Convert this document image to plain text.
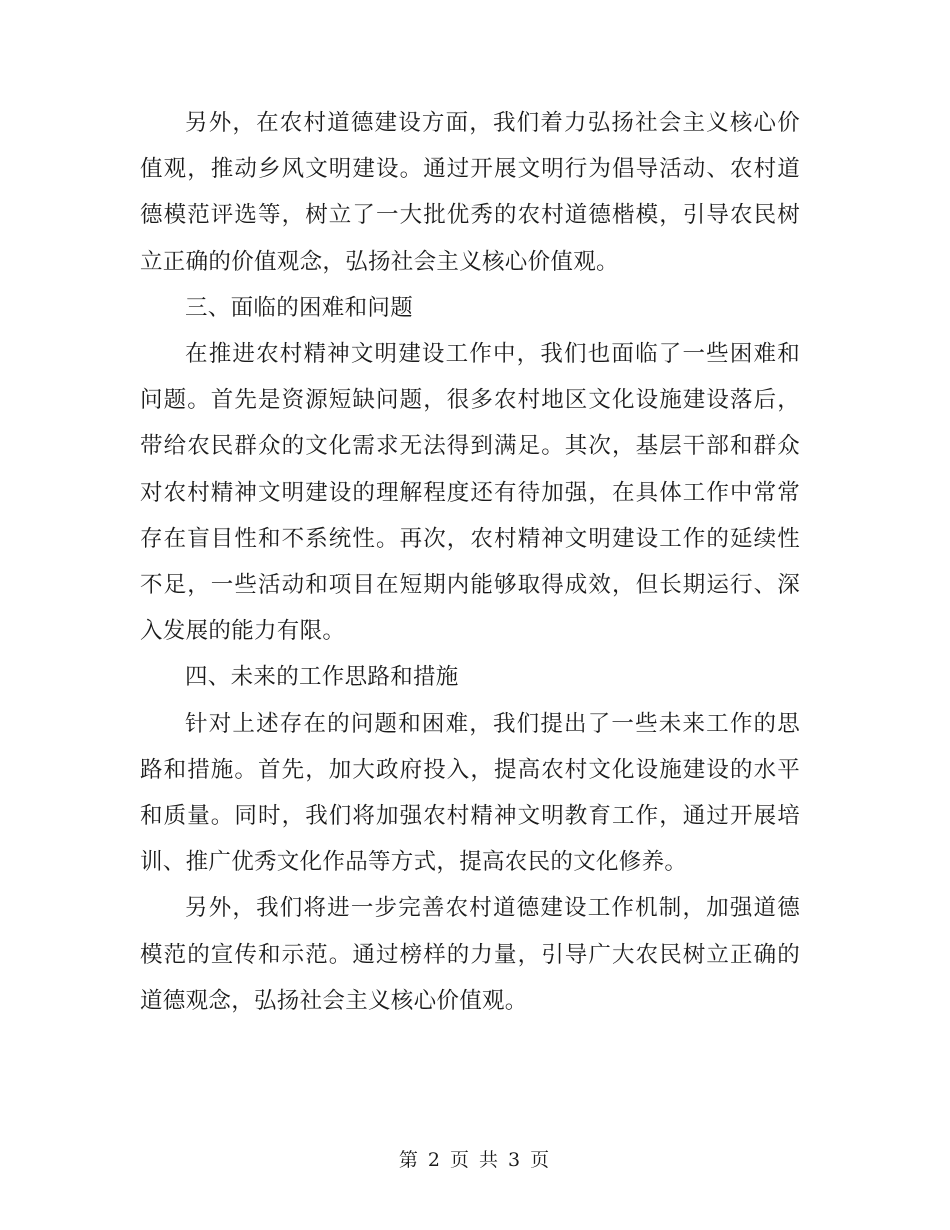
另外，在农村道德建设方面，我们着力弘扬社会主义核心价值观，推动乡风文明建设。通过开展文明行为倡导活动、农村道德模范评选等，树立了一大批优秀的农村道德楷模，引导农民树立正确的价值观念，弘扬社会主义核心价值观。

三、面临的困难和问题

在推进农村精神文明建设工作中，我们也面临了一些困难和问题。首先是资源短缺问题，很多农村地区文化设施建设落后，带给农民群众的文化需求无法得到满足。其次，基层干部和群众对农村精神文明建设的理解程度还有待加强，在具体工作中常常存在盲目性和不系统性。再次，农村精神文明建设工作的延续性不足，一些活动和项目在短期内能够取得成效，但长期运行、深入发展的能力有限。

四、未来的工作思路和措施

针对上述存在的问题和困难，我们提出了一些未来工作的思路和措施。首先，加大政府投入，提高农村文化设施建设的水平和质量。同时，我们将加强农村精神文明教育工作，通过开展培训、推广优秀文化作品等方式，提高农民的文化修养。

另外，我们将进一步完善农村道德建设工作机制，加强道德模范的宣传和示范。通过榜样的力量，引导广大农民树立正确的道德观念，弘扬社会主义核心价值观。

第 2 页 共 3 页
